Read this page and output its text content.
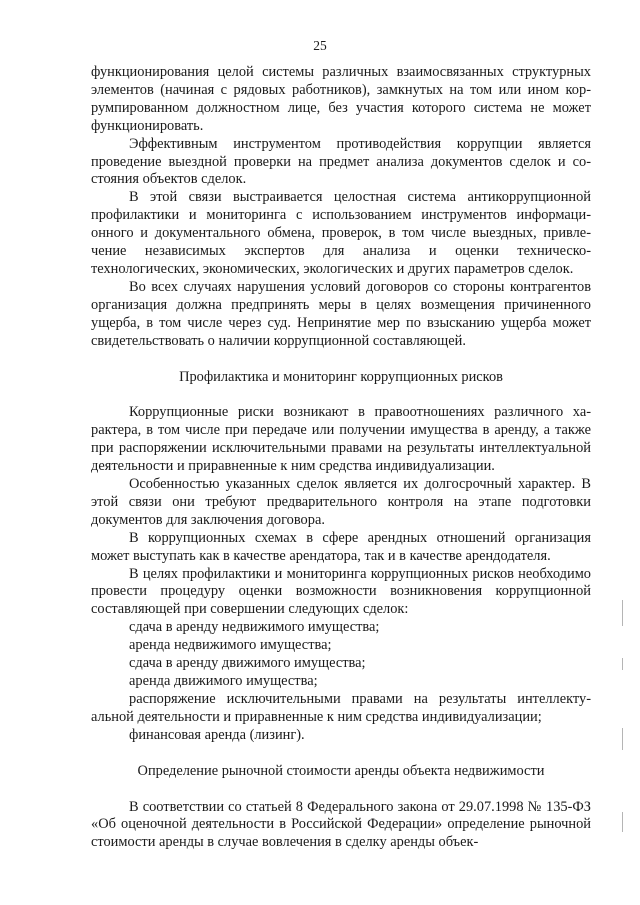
25

функционирования целой системы различных взаимосвязанных структурных элементов (начиная с рядовых работников), замкнутых на том или ином коррумпированном должностном лице, без участия которого система не может функционировать.

Эффективным инструментом противодействия коррупции является проведение выездной проверки на предмет анализа документов сделок и состояния объектов сделок.

В этой связи выстраивается целостная система антикоррупционной профилактики и мониторинга с использованием инструментов информационного и документального обмена, проверок, в том числе выездных, привлечение независимых экспертов для анализа и оценки техническо-технологических, экономических, экологических и других параметров сделок.

Во всех случаях нарушения условий договоров со стороны контрагентов организация должна предпринять меры в целях возмещения причиненного ущерба, в том числе через суд. Непринятие мер по взысканию ущерба может свидетельствовать о наличии коррупционной составляющей.

Профилактика и мониторинг коррупционных рисков

Коррупционные риски возникают в правоотношениях различного характера, в том числе при передаче или получении имущества в аренду, а также при распоряжении исключительными правами на результаты интеллектуальной деятельности и приравненные к ним средства индивидуализации.

Особенностью указанных сделок является их долгосрочный характер. В этой связи они требуют предварительного контроля на этапе подготовки документов для заключения договора.

В коррупционных схемах в сфере арендных отношений организация может выступать как в качестве арендатора, так и в качестве арендодателя.

В целях профилактики и мониторинга коррупционных рисков необходимо провести процедуру оценки возможности возникновения коррупционной составляющей при совершении следующих сделок:

сдача в аренду недвижимого имущества;

аренда недвижимого имущества;

сдача в аренду движимого имущества;

аренда движимого имущества;

распоряжение исключительными правами на результаты интеллектуальной деятельности и приравненные к ним средства индивидуализации;

финансовая аренда (лизинг).

Определение рыночной стоимости аренды объекта недвижимости

В соответствии со статьей 8 Федерального закона от 29.07.1998 № 135-ФЗ «Об оценочной деятельности в Российской Федерации» определение рыночной стоимости аренды в случае вовлечения в сделку аренды объек-
